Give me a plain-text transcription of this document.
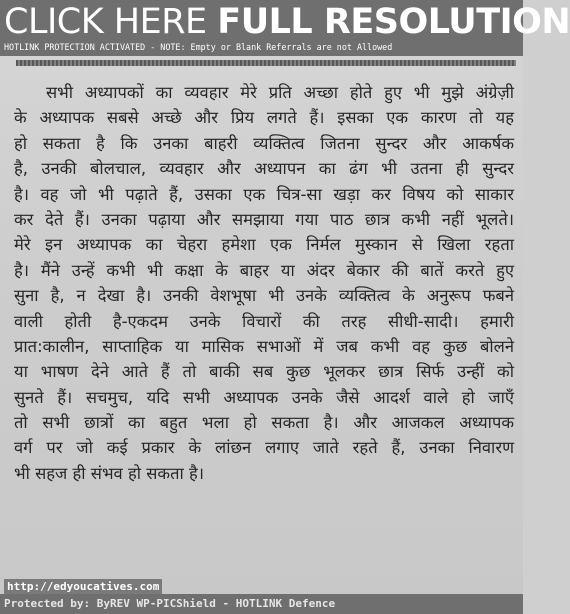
CLICK HERE FULL RESOLUTION
HOTLINK PROTECTION ACTIVATED - NOTE: Empty or Blank Referrals are not Allowed
सभी अध्यापकों का व्यवहार मेरे प्रति अच्छा होते हुए भी मुझे अंग्रेज़ी
के अध्यापक सबसे अच्छे और प्रिय लगते हैं। इसका एक कारण तो यह
हो सकता है कि उनका बाहरी व्यक्तित्व जितना सुन्दर और आकर्षक
है, उनकी बोलचाल, व्यवहार और अध्यापन का ढंग भी उतना ही सुन्दर
है। वह जो भी पढ़ाते हैं, उसका एक चित्र-सा खड़ा कर विषय को साकार
कर देते हैं। उनका पढ़ाया और समझाया गया पाठ छात्र कभी नहीं भूलते।
मेरे इन अध्यापक का चेहरा हमेशा एक निर्मल मुस्कान से खिला रहता
है। मैंने उन्हें कभी भी कक्षा के बाहर या अंदर बेकार की बातें करते हुए
सुना है, न देखा है। उनकी वेशभूषा भी उनके व्यक्तित्व के अनुरूप फबने
वाली होती है-एकदम उनके विचारों की तरह सीधी-सादी। हमारी
प्रात:कालीन, साप्ताहिक या मासिक सभाओं में जब कभी वह कुछ बोलने
या भाषण देने आते हैं तो बाकी सब कुछ भूलकर छात्र सिर्फ उन्हीं को
सुनते हैं। सचमुच, यदि सभी अध्यापक उनके जैसे आदर्श वाले हो जाएँ
तो सभी छात्रों का बहुत भला हो सकता है। और आजकल अध्यापक
वर्ग पर जो कई प्रकार के लांछन लगाए जाते रहते हैं, उनका निवारण
भी सहज ही संभव हो सकता है।
http://edyoucatives.com
Protected by: ByREV WP-PICShield - HOTLINK Defence
